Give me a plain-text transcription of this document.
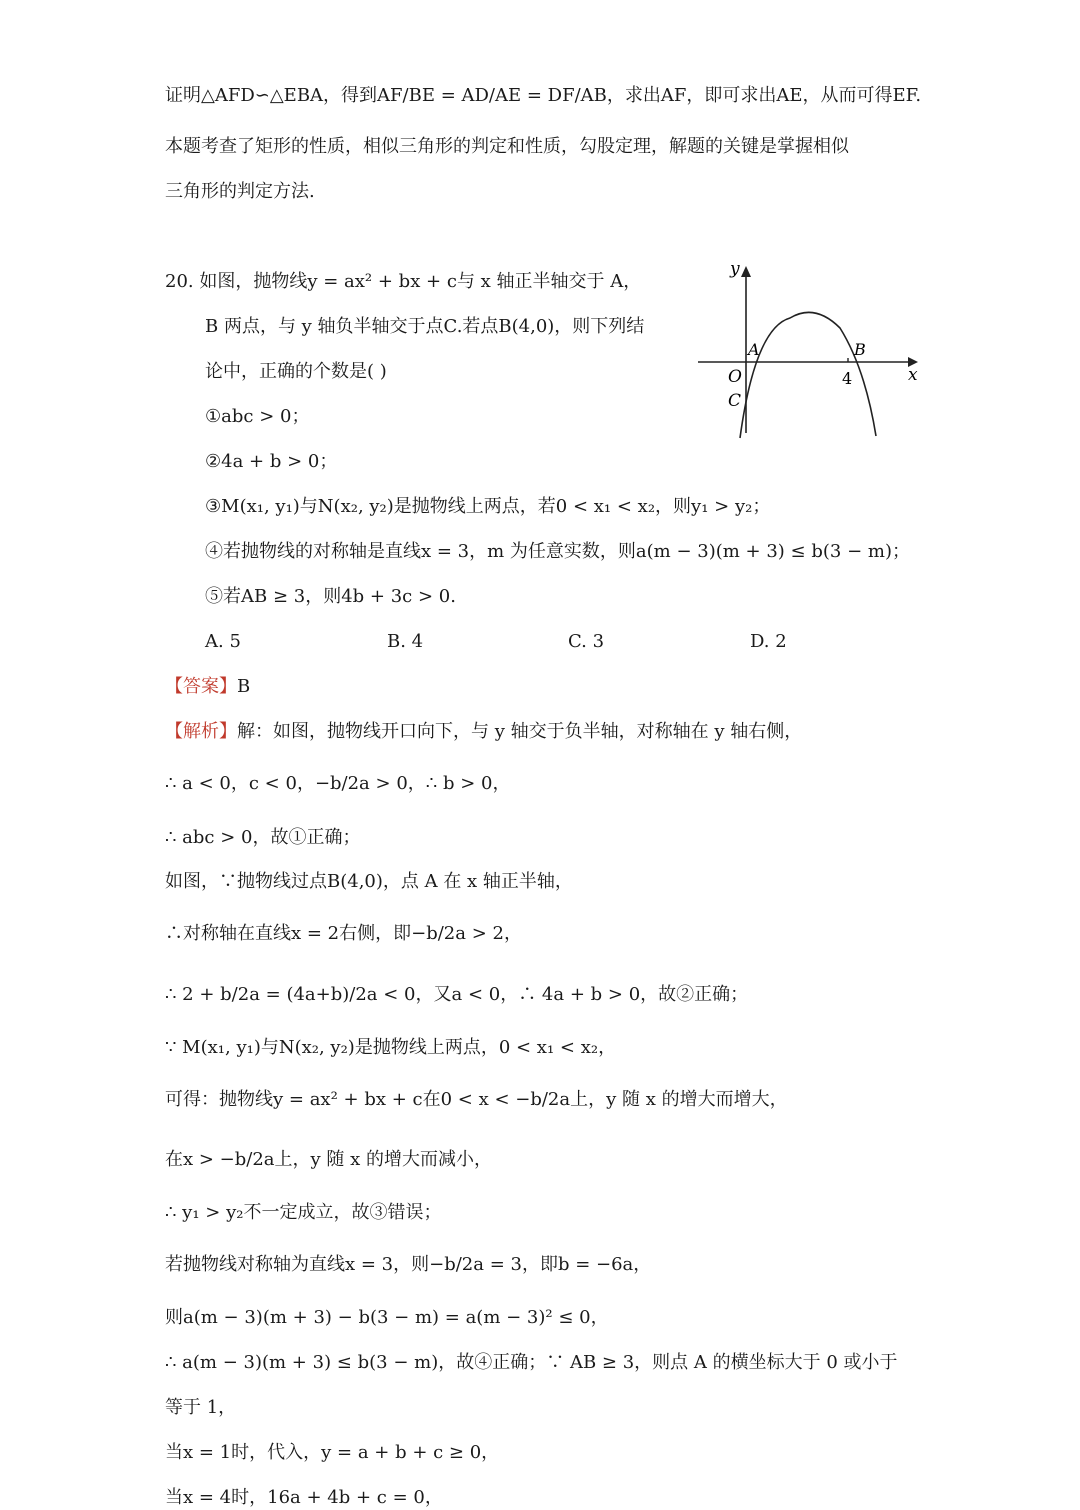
证明△AFD∽△EBA，得到AF/BE = AD/AE = DF/AB，求出AF，即可求出AE，从而可得EF.
本题考查了矩形的性质，相似三角形的判定和性质，勾股定理，解题的关键是掌握相似
三角形的判定方法.
20. 如图，抛物线y = ax² + bx + c与 x 轴正半轴交于 A，
B 两点，与 y 轴负半轴交于点C.若点B(4,0)，则下列结
论中，正确的个数是( )
①abc > 0；
②4a + b > 0；
③M(x₁, y₁)与N(x₂, y₂)是抛物线上两点，若0 < x₁ < x₂，则y₁ > y₂；
④若抛物线的对称轴是直线x = 3，m 为任意实数，则a(m − 3)(m + 3) ≤ b(3 − m)；
⑤若AB ≥ 3，则4b + 3c > 0.
A. 5	B. 4	C. 3	D. 2
【答案】B
【解析】解：如图，抛物线开口向下，与 y 轴交于负半轴，对称轴在 y 轴右侧，
∴ a < 0，c < 0，−b/2a > 0，∴ b > 0，
∴ abc > 0，故①正确；
如图，∵抛物线过点B(4,0)，点 A 在 x 轴正半轴，
∴对称轴在直线x = 2右侧，即−b/2a > 2，
∴ 2 + b/2a = (4a+b)/2a < 0，又a < 0，∴ 4a + b > 0，故②正确；
∵ M(x₁, y₁)与N(x₂, y₂)是抛物线上两点，0 < x₁ < x₂，
可得：抛物线y = ax² + bx + c在0 < x < −b/2a上，y 随 x 的增大而增大，
在x > −b/2a上，y 随 x 的增大而减小，
∴ y₁ > y₂不一定成立，故③错误；
若抛物线对称轴为直线x = 3，则−b/2a = 3，即b = −6a，
则a(m − 3)(m + 3) − b(3 − m) = a(m − 3)² ≤ 0，
∴ a(m − 3)(m + 3) ≤ b(3 − m)，故④正确；∵ AB ≥ 3，则点 A 的横坐标大于 0 或小于
等于 1，
当x = 1时，代入，y = a + b + c ≥ 0，
当x = 4时，16a + 4b + c = 0，
y
x
O
A	B
C
4
